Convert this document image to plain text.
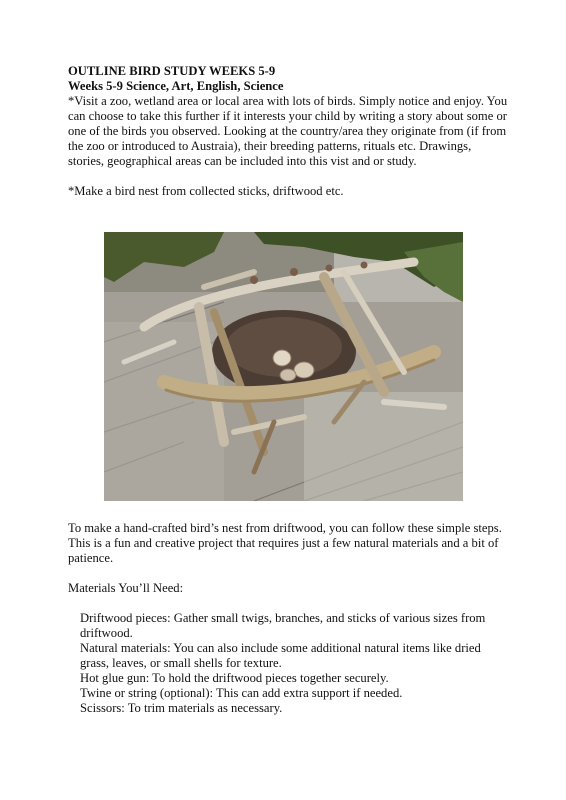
OUTLINE BIRD STUDY WEEKS 5-9
Weeks 5-9 Science, Art, English, Science

*Visit a zoo, wetland area or local area with lots of birds. Simply notice and enjoy. You can choose to take this further if it interests your child by writing a story about some or one of the birds you observed. Looking at the country/area they originate from (if from the zoo or introduced to Austraia), their breeding patterns, rituals etc. Drawings, stories, geographical areas can be included into this vist and or study.

*Make a bird nest from collected sticks, driftwood etc.

To make a hand-crafted bird’s nest from driftwood, you can follow these simple steps. This is a fun and creative project that requires just a few natural materials and a bit of patience.

Materials You’ll Need:
Driftwood pieces: Gather small twigs, branches, and sticks of various sizes from driftwood.
Natural materials: You can also include some additional natural items like dried grass, leaves, or small shells for texture.
Hot glue gun: To hold the driftwood pieces together securely.
Twine or string (optional): This can add extra support if needed.
Scissors: To trim materials as necessary.
